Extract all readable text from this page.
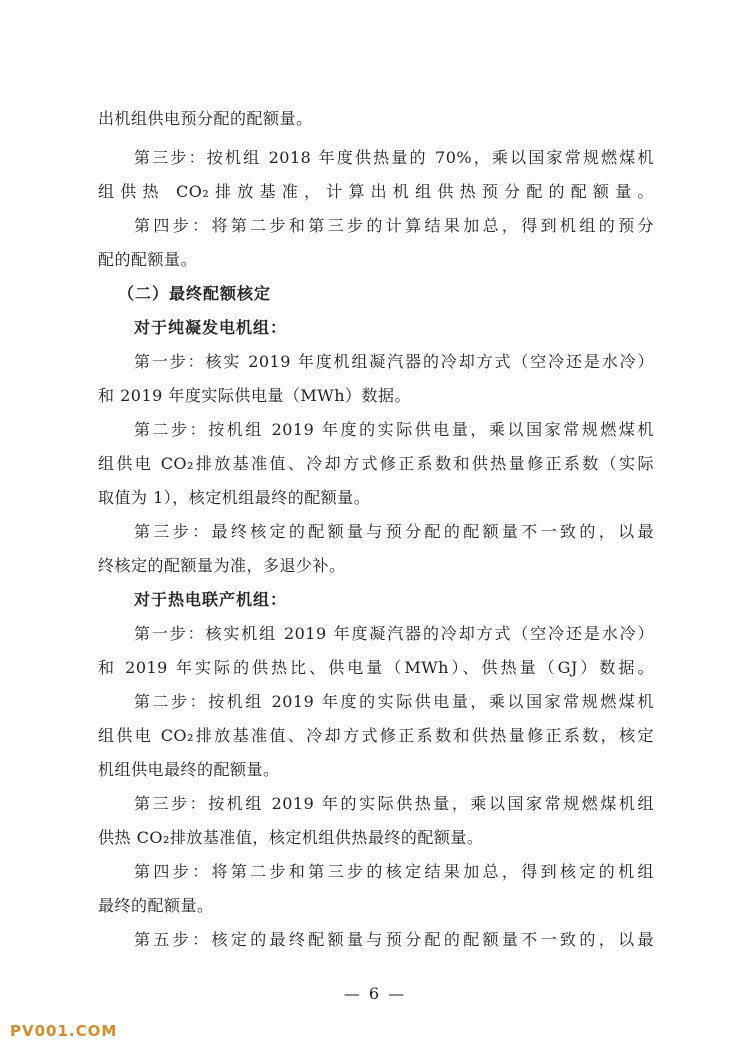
出机组供电预分配的配额量。
第三步：按机组 2018 年度供热量的 70%，乘以国家常规燃煤机
组供热 CO₂排放基准，计算出机组供热预分配的配额量。
第四步：将第二步和第三步的计算结果加总，得到机组的预分
配的配额量。
（二）最终配额核定
对于纯凝发电机组：
第一步：核实 2019 年度机组凝汽器的冷却方式（空冷还是水冷）
和 2019 年度实际供电量（MWh）数据。
第二步：按机组 2019 年度的实际供电量，乘以国家常规燃煤机
组供电 CO₂排放基准值、冷却方式修正系数和供热量修正系数（实际
取值为 1），核定机组最终的配额量。
第三步：最终核定的配额量与预分配的配额量不一致的，以最
终核定的配额量为准，多退少补。
对于热电联产机组：
第一步：核实机组 2019 年度凝汽器的冷却方式（空冷还是水冷）
和 2019 年实际的供热比、供电量（MWh）、供热量（GJ）数据。
第二步：按机组 2019 年度的实际供电量，乘以国家常规燃煤机
组供电 CO₂排放基准值、冷却方式修正系数和供热量修正系数，核定
机组供电最终的配额量。
第三步：按机组 2019 年的实际供热量，乘以国家常规燃煤机组
供热 CO₂排放基准值，核定机组供热最终的配额量。
第四步：将第二步和第三步的核定结果加总，得到核定的机组
最终的配额量。
第五步：核定的最终配额量与预分配的配额量不一致的，以最
— 6 —
PV001.COM
